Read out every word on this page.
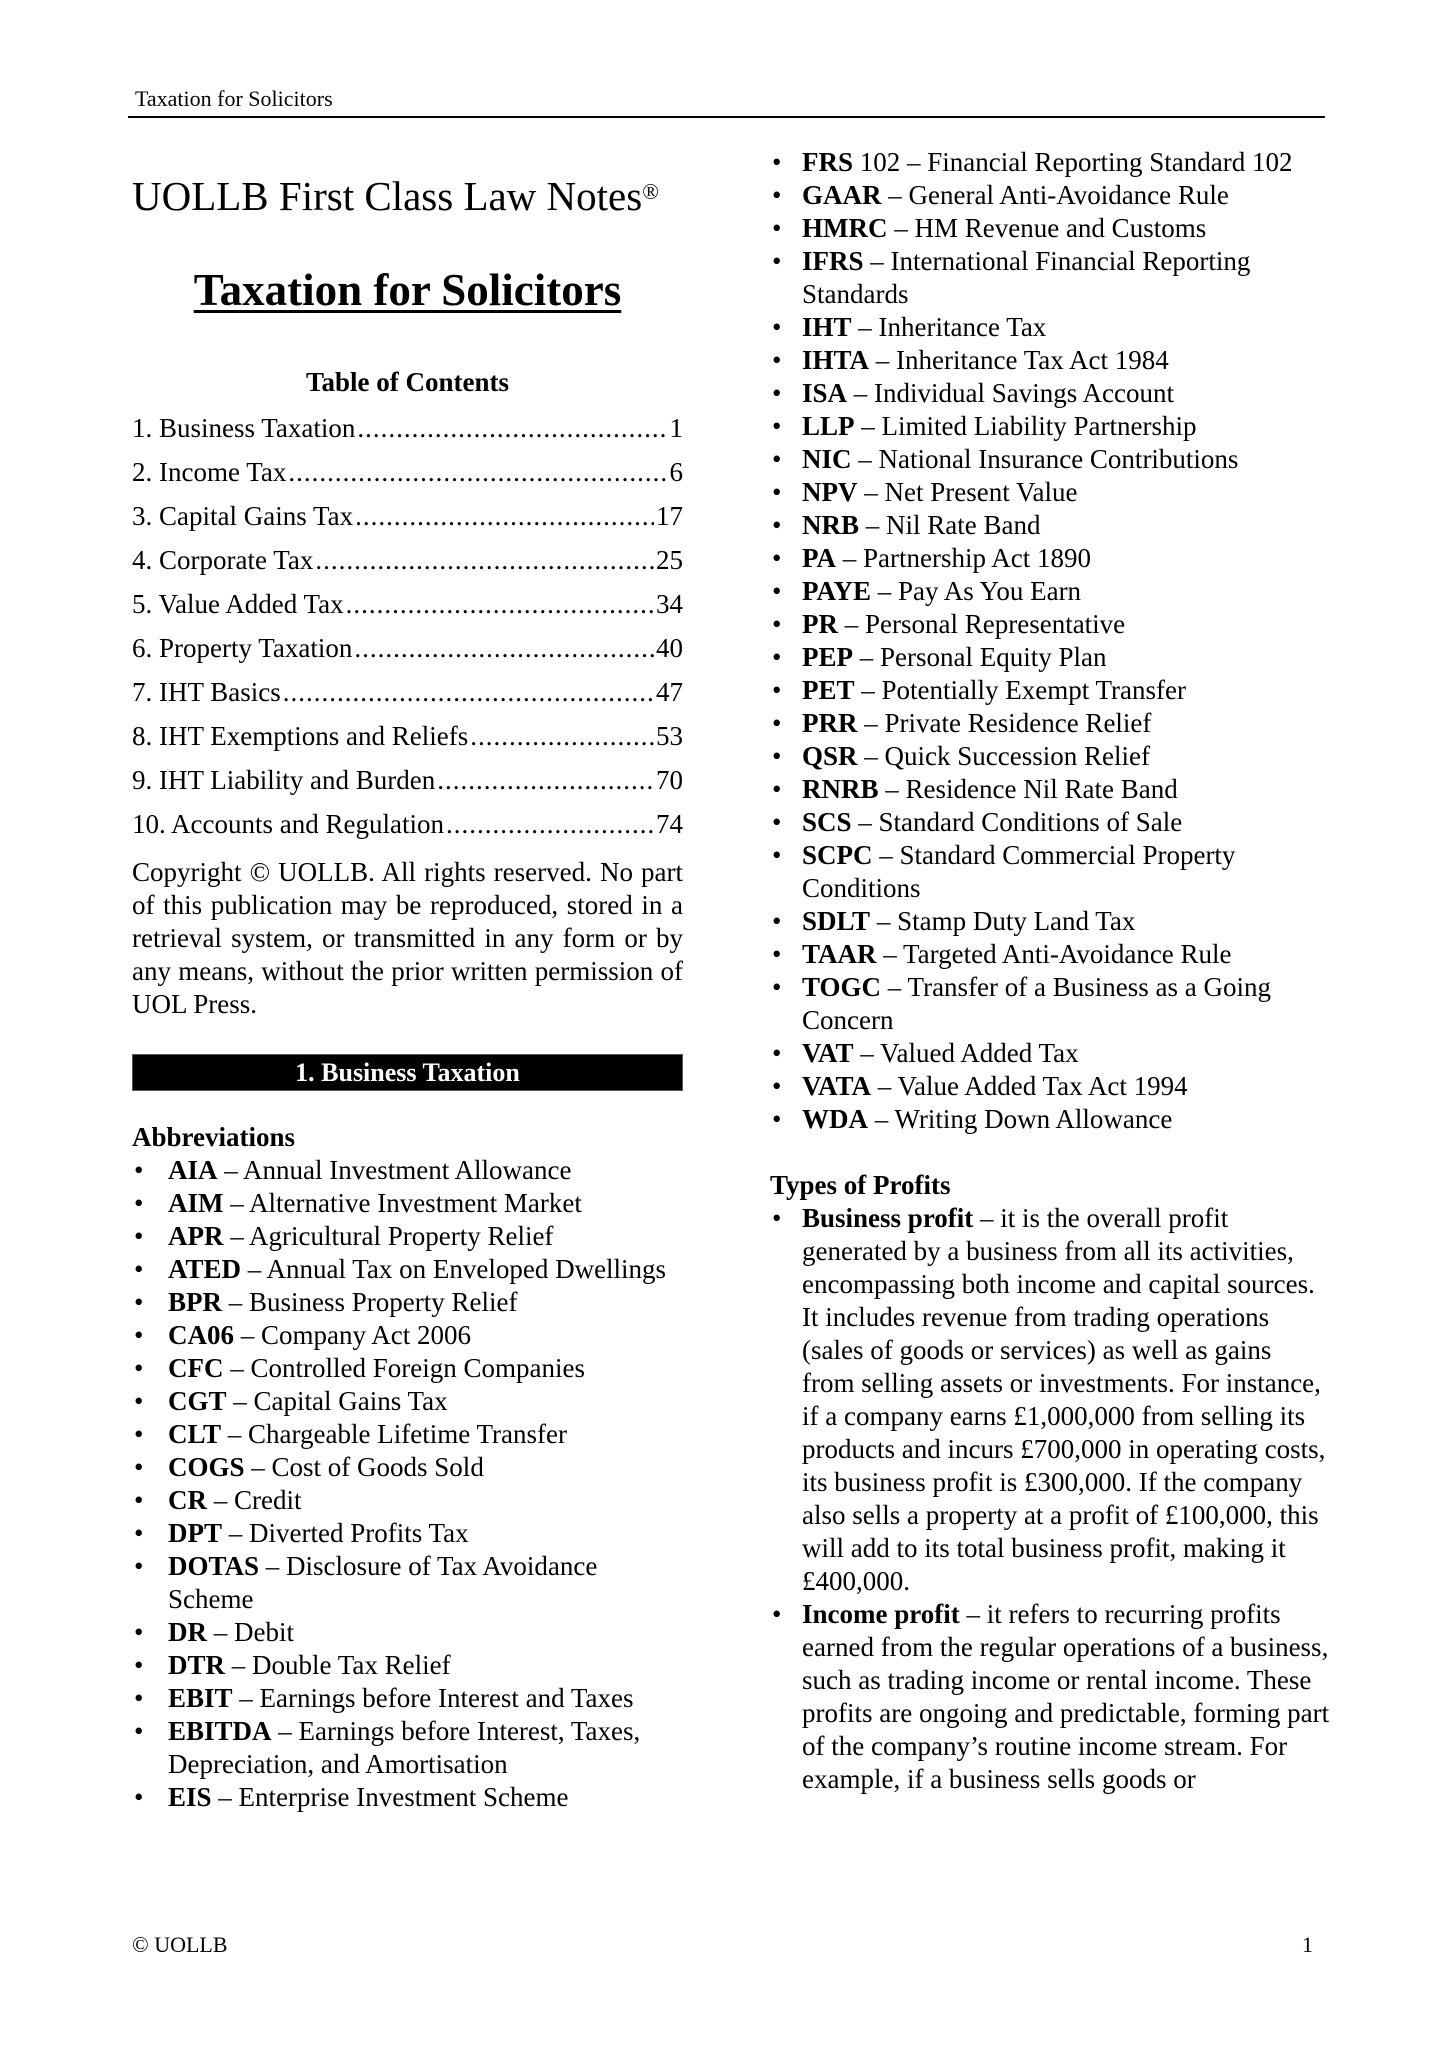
Taxation for Solicitors
UOLLB First Class Law Notes®
Taxation for Solicitors
Table of Contents
1. Business Taxation .....	1
2. Income Tax .....	6
3. Capital Gains Tax .....	17
4. Corporate Tax .....	25
5. Value Added Tax .....	34
6. Property Taxation .....	40
7. IHT Basics .....	47
8. IHT Exemptions and Reliefs .....	53
9. IHT Liability and Burden .....	70
10. Accounts and Regulation .....	74
Copyright © UOLLB. All rights reserved. No part of this publication may be reproduced, stored in a retrieval system, or transmitted in any form or by any means, without the prior written permission of UOL Press.
1. Business Taxation
Abbreviations
• AIA – Annual Investment Allowance
• AIM – Alternative Investment Market
• APR – Agricultural Property Relief
• ATED – Annual Tax on Enveloped Dwellings
• BPR – Business Property Relief
• CA06 – Company Act 2006
• CFC – Controlled Foreign Companies
• CGT – Capital Gains Tax
• CLT – Chargeable Lifetime Transfer
• COGS – Cost of Goods Sold
• CR – Credit
• DPT – Diverted Profits Tax
• DOTAS – Disclosure of Tax Avoidance Scheme
• DR – Debit
• DTR – Double Tax Relief
• EBIT – Earnings before Interest and Taxes
• EBITDA – Earnings before Interest, Taxes, Depreciation, and Amortisation
• EIS – Enterprise Investment Scheme
• FRS 102 – Financial Reporting Standard 102
• GAAR – General Anti-Avoidance Rule
• HMRC – HM Revenue and Customs
• IFRS – International Financial Reporting Standards
• IHT – Inheritance Tax
• IHTA – Inheritance Tax Act 1984
• ISA – Individual Savings Account
• LLP – Limited Liability Partnership
• NIC – National Insurance Contributions
• NPV – Net Present Value
• NRB – Nil Rate Band
• PA – Partnership Act 1890
• PAYE – Pay As You Earn
• PR – Personal Representative
• PEP – Personal Equity Plan
• PET – Potentially Exempt Transfer
• PRR – Private Residence Relief
• QSR – Quick Succession Relief
• RNRB – Residence Nil Rate Band
• SCS – Standard Conditions of Sale
• SCPC – Standard Commercial Property Conditions
• SDLT – Stamp Duty Land Tax
• TAAR – Targeted Anti-Avoidance Rule
• TOGC – Transfer of a Business as a Going Concern
• VAT – Valued Added Tax
• VATA – Value Added Tax Act 1994
• WDA – Writing Down Allowance
Types of Profits
• Business profit – it is the overall profit generated by a business from all its activities, encompassing both income and capital sources. It includes revenue from trading operations (sales of goods or services) as well as gains from selling assets or investments. For instance, if a company earns £1,000,000 from selling its products and incurs £700,000 in operating costs, its business profit is £300,000. If the company also sells a property at a profit of £100,000, this will add to its total business profit, making it £400,000.
• Income profit – it refers to recurring profits earned from the regular operations of a business, such as trading income or rental income. These profits are ongoing and predictable, forming part of the company’s routine income stream. For example, if a business sells goods or
© UOLLB	1
